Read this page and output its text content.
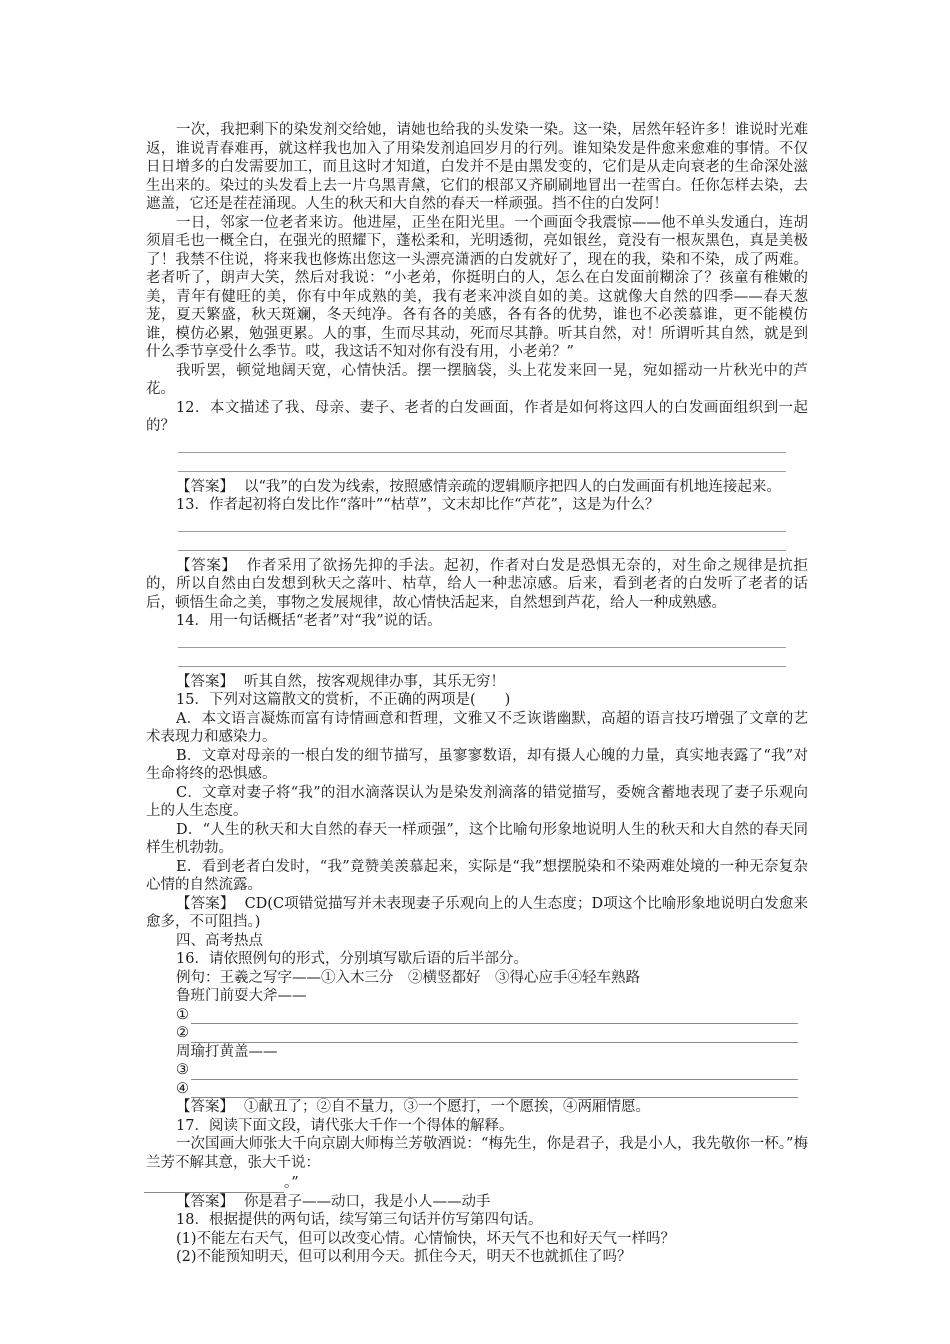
一次，我把剩下的染发剂交给她，请她也给我的头发染一染。这一染，居然年轻许多！谁说时光难返，谁说青春难再，就这样我也加入了用染发剂追回岁月的行列。谁知染发是件愈来愈难的事情。不仅日日增多的白发需要加工，而且这时才知道，白发并不是由黑发变的，它们是从走向衰老的生命深处滋生出来的。染过的头发看上去一片乌黑青黛，它们的根部又齐刷刷地冒出一茬雪白。任你怎样去染，去遮盖，它还是茬茬涌现。人生的秋天和大自然的春天一样顽强。挡不住的白发阿！

一日，邻家一位老者来访。他进屋，正坐在阳光里。一个画面令我震惊——他不单头发通白，连胡须眉毛也一概全白，在强光的照耀下，蓬松柔和，光明透彻，亮如银丝，竟没有一根灰黑色，真是美极了！我禁不住说，将来我也修炼出您这一头漂亮潇洒的白发就好了，现在的我，染和不染，成了两难。老者听了，朗声大笑，然后对我说：“小老弟，你挺明白的人，怎么在白发面前糊涂了？孩童有稚嫩的美，青年有健旺的美，你有中年成熟的美，我有老来冲淡自如的美。这就像大自然的四季——春天葱茏，夏天繁盛，秋天斑斓，冬天纯净。各有各的美感，各有各的优势，谁也不必羡慕谁，更不能模仿谁，模仿必累，勉强更累。人的事，生而尽其动，死而尽其静。听其自然，对！所谓听其自然，就是到什么季节享受什么季节。哎，我这话不知对你有没有用，小老弟？”

我听罢，顿觉地阔天宽，心情快活。摆一摆脑袋，头上花发来回一晃，宛如摇动一片秋光中的芦花。

12．本文描述了我、母亲、妻子、老者的白发画面，作者是如何将这四人的白发画面组织到一起的？

【答案】 以“我”的白发为线索，按照感情亲疏的逻辑顺序把四人的白发画面有机地连接起来。

13．作者起初将白发比作“落叶”“枯草”，文末却比作“芦花”，这是为什么？

【答案】 作者采用了欲扬先抑的手法。起初，作者对白发是恐惧无奈的，对生命之规律是抗拒的，所以自然由白发想到秋天之落叶、枯草，给人一种悲凉感。后来，看到老者的白发听了老者的话后，顿悟生命之美，事物之发展规律，故心情快活起来，自然想到芦花，给人一种成熟感。

14．用一句话概括“老者”对“我”说的话。

【答案】 听其自然，按客观规律办事，其乐无穷！

15．下列对这篇散文的赏析，不正确的两项是(　　)

A．本文语言凝炼而富有诗情画意和哲理，文雅又不乏诙谐幽默，高超的语言技巧增强了文章的艺术表现力和感染力。

B．文章对母亲的一根白发的细节描写，虽寥寥数语，却有摄人心魄的力量，真实地表露了“我”对生命将终的恐惧感。

C．文章对妻子将“我”的泪水滴落误认为是染发剂滴落的错觉描写，委婉含蓄地表现了妻子乐观向上的人生态度。

D．“人生的秋天和大自然的春天一样顽强”，这个比喻句形象地说明人生的秋天和大自然的春天同样生机勃勃。

E．看到老者白发时，“我”竟赞美羡慕起来，实际是“我”想摆脱染和不染两难处境的一种无奈复杂心情的自然流露。

【答案】 CD(C项错觉描写并未表现妻子乐观向上的人生态度；D项这个比喻形象地说明白发愈来愈多，不可阻挡。)

四、高考热点

16．请依照例句的形式，分别填写歇后语的后半部分。

例句：王羲之写字——①入木三分　②横竖都好　③得心应手④轻车熟路

鲁班门前耍大斧——

①
②

周瑜打黄盖——

③
④

【答案】 ①献丑了；②自不量力，③一个愿打，一个愿挨，④两厢情愿。

17．阅读下面文段，请代张大千作一个得体的解释。

一次国画大师张大千向京剧大师梅兰芳敬酒说：“梅先生，你是君子，我是小人，我先敬你一杯。”梅兰芳不解其意，张大千说：

。”

【答案】 你是君子——动口，我是小人——动手

18．根据提供的两句话，续写第三句话并仿写第四句话。

(1)不能左右天气，但可以改变心情。心情愉快，坏天气不也和好天气一样吗？

(2)不能预知明天，但可以利用今天。抓住今天，明天不也就抓住了吗？
